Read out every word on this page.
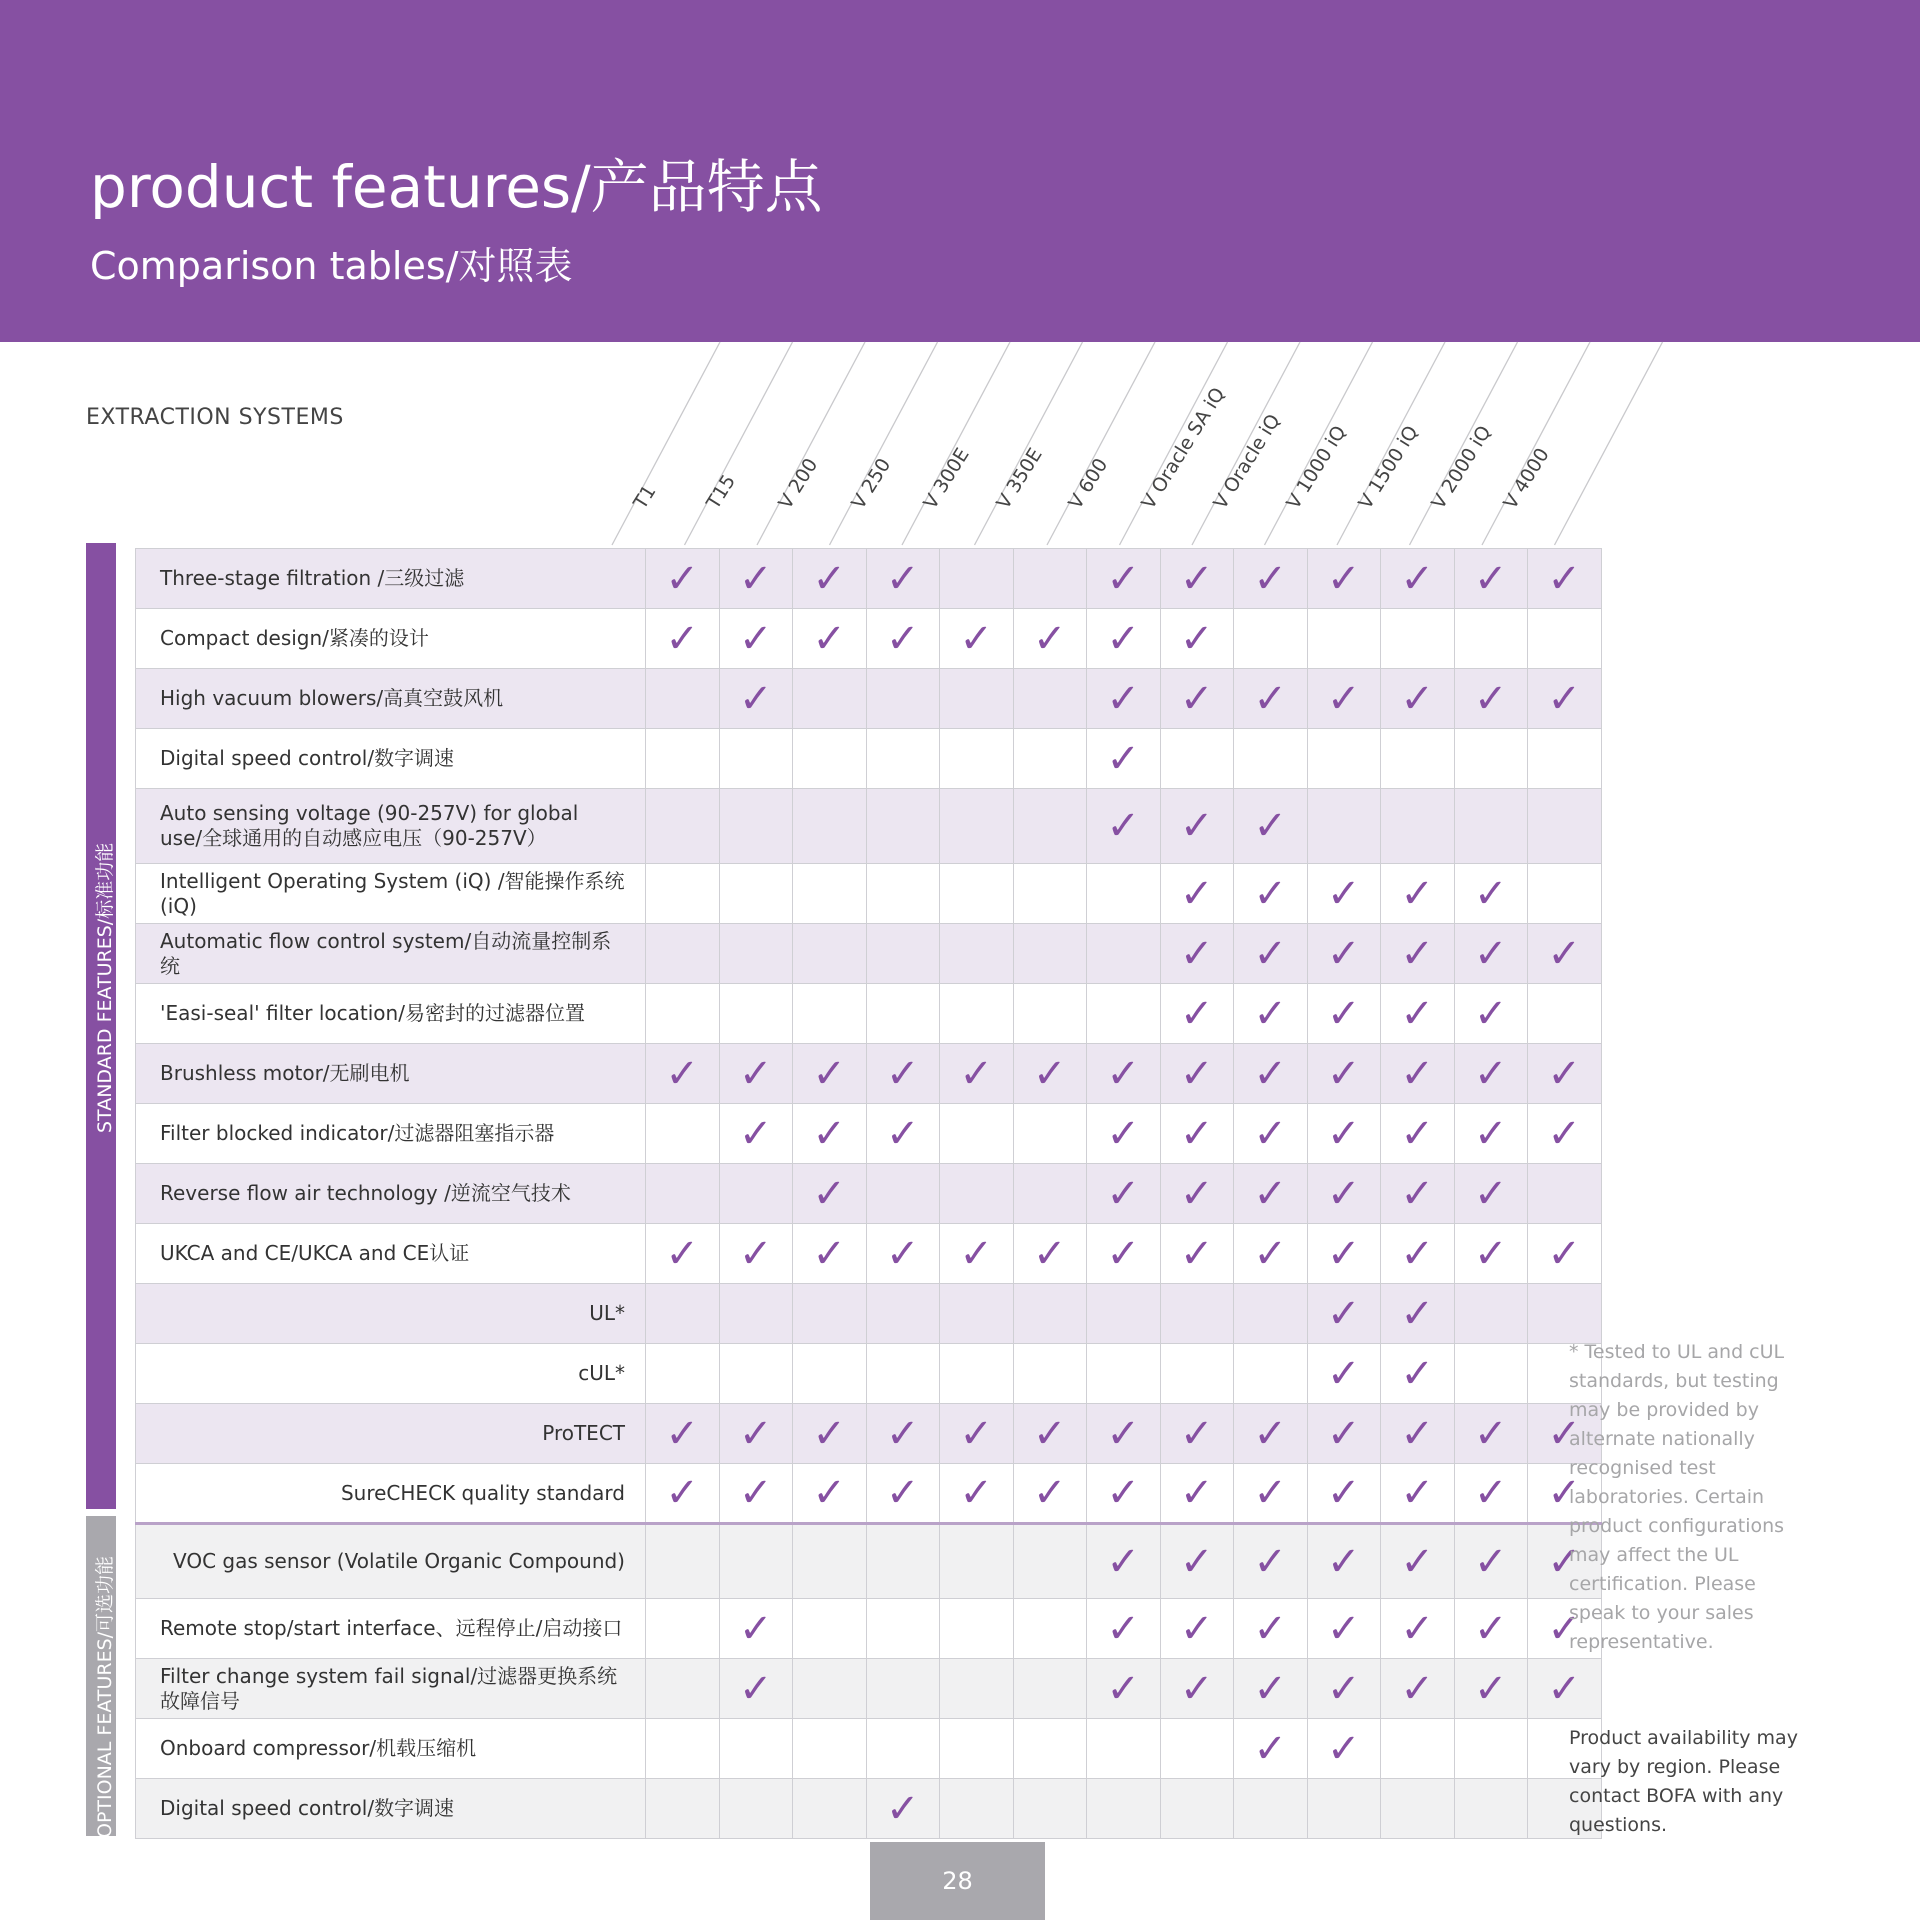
product features/产品特点
Comparison tables/对照表
EXTRACTION SYSTEMS
T1 T15 V 200 V 250 V 300E V 350E V 600 V Oracle SA iQ
V Oracle iQ
V 1000 iQ V 1500 iQ V 2000 iQ V 4000
STANDARD FEATURES/标准功能
OPTIONAL FEATURES/可选功能
Three-stage filtration /三级过滤	✓	✓	✓	✓			✓	✓	✓	✓	✓	✓	✓
Compact design/紧凑的设计	✓	✓	✓	✓	✓	✓	✓	✓					
High vacuum blowers/高真空鼓风机		✓					✓	✓	✓	✓	✓	✓	✓
Digital speed control/数字调速							✓						
Auto sensing voltage (90-257V) for global use/全球通用的自动感应电压（90-257V）							✓	✓	✓				
Intelligent Operating System (iQ) /智能操作系统 (iQ)								✓	✓	✓	✓	✓	
Automatic flow control system/自动流量控制系统								✓	✓	✓	✓	✓	✓
'Easi-seal' filter location/易密封的过滤器位置								✓	✓	✓	✓	✓	
Brushless motor/无刷电机	✓	✓	✓	✓	✓	✓	✓	✓	✓	✓	✓	✓	✓
Filter blocked indicator/过滤器阻塞指示器		✓	✓	✓			✓	✓	✓	✓	✓	✓	✓
Reverse flow air technology /逆流空气技术			✓				✓	✓	✓	✓	✓	✓	
UKCA and CE/UKCA and CE认证	✓	✓	✓	✓	✓	✓	✓	✓	✓	✓	✓	✓	✓
UL*										✓	✓		
cUL*										✓	✓		
ProTECT	✓	✓	✓	✓	✓	✓	✓	✓	✓	✓	✓	✓	✓
SureCHECK quality standard	✓	✓	✓	✓	✓	✓	✓	✓	✓	✓	✓	✓	✓
VOC gas sensor (Volatile Organic Compound)							✓	✓	✓	✓	✓	✓	✓
Remote stop/start interface、远程停止/启动接口		✓					✓	✓	✓	✓	✓	✓	✓
Filter change system fail signal/过滤器更换系统故障信号		✓					✓	✓	✓	✓	✓	✓	✓
Onboard compressor/机载压缩机									✓	✓			
Digital speed control/数字调速				✓									
* Tested to UL and cUL standards, but testing may be provided by alternate nationally recognised test laboratories. Certain product configurations may affect the UL certification. Please speak to your sales representative.
Product availability may vary by region. Please contact BOFA with any questions.
28
